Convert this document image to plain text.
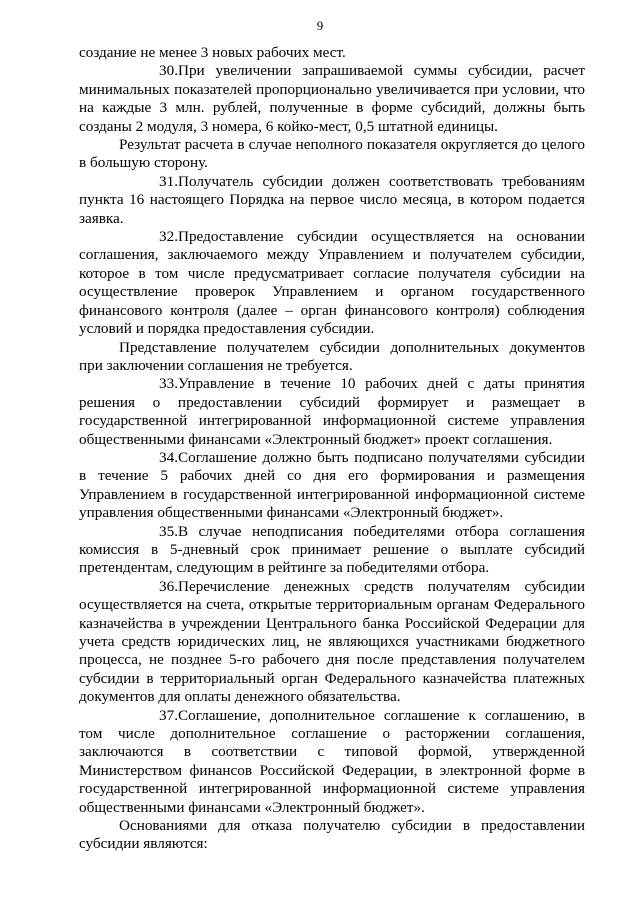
9

создание не менее 3 новых рабочих мест.

30.При увеличении запрашиваемой суммы субсидии, расчет минимальных показателей пропорционально увеличивается при условии, что на каждые 3 млн. рублей, полученные в форме субсидий, должны быть созданы 2 модуля, 3 номера, 6 койко-мест, 0,5 штатной единицы.

Результат расчета в случае неполного показателя округляется до целого в большую сторону.

31.Получатель субсидии должен соответствовать требованиям пункта 16 настоящего Порядка на первое число месяца, в котором подается заявка.

32.Предоставление субсидии осуществляется на основании соглашения, заключаемого между Управлением и получателем субсидии, которое в том числе предусматривает согласие получателя субсидии на осуществление проверок Управлением и органом государственного финансового контроля (далее – орган финансового контроля) соблюдения условий и порядка предоставления субсидии.

Представление получателем субсидии дополнительных документов при заключении соглашения не требуется.

33.Управление в течение 10 рабочих дней с даты принятия решения о предоставлении субсидий формирует и размещает в государственной интегрированной информационной системе управления общественными финансами «Электронный бюджет» проект соглашения.

34.Соглашение должно быть подписано получателями субсидии в течение 5 рабочих дней со дня его формирования и размещения Управлением в государственной интегрированной информационной системе управления общественными финансами «Электронный бюджет».

35.В случае неподписания победителями отбора соглашения комиссия в 5-дневный срок принимает решение о выплате субсидий претендентам, следующим в рейтинге за победителями отбора.

36.Перечисление денежных средств получателям субсидии осуществляется на счета, открытые территориальным органам Федерального казначейства в учреждении Центрального банка Российской Федерации для учета средств юридических лиц, не являющихся участниками бюджетного процесса, не позднее 5-го рабочего дня после представления получателем субсидии в территориальный орган Федерального казначейства платежных документов для оплаты денежного обязательства.

37.Соглашение, дополнительное соглашение к соглашению, в том числе дополнительное соглашение о расторжении соглашения, заключаются в соответствии с типовой формой, утвержденной Министерством финансов Российской Федерации, в электронной форме в государственной интегрированной информационной системе управления общественными финансами «Электронный бюджет».

Основаниями для отказа получателю субсидии в предоставлении субсидии являются:
